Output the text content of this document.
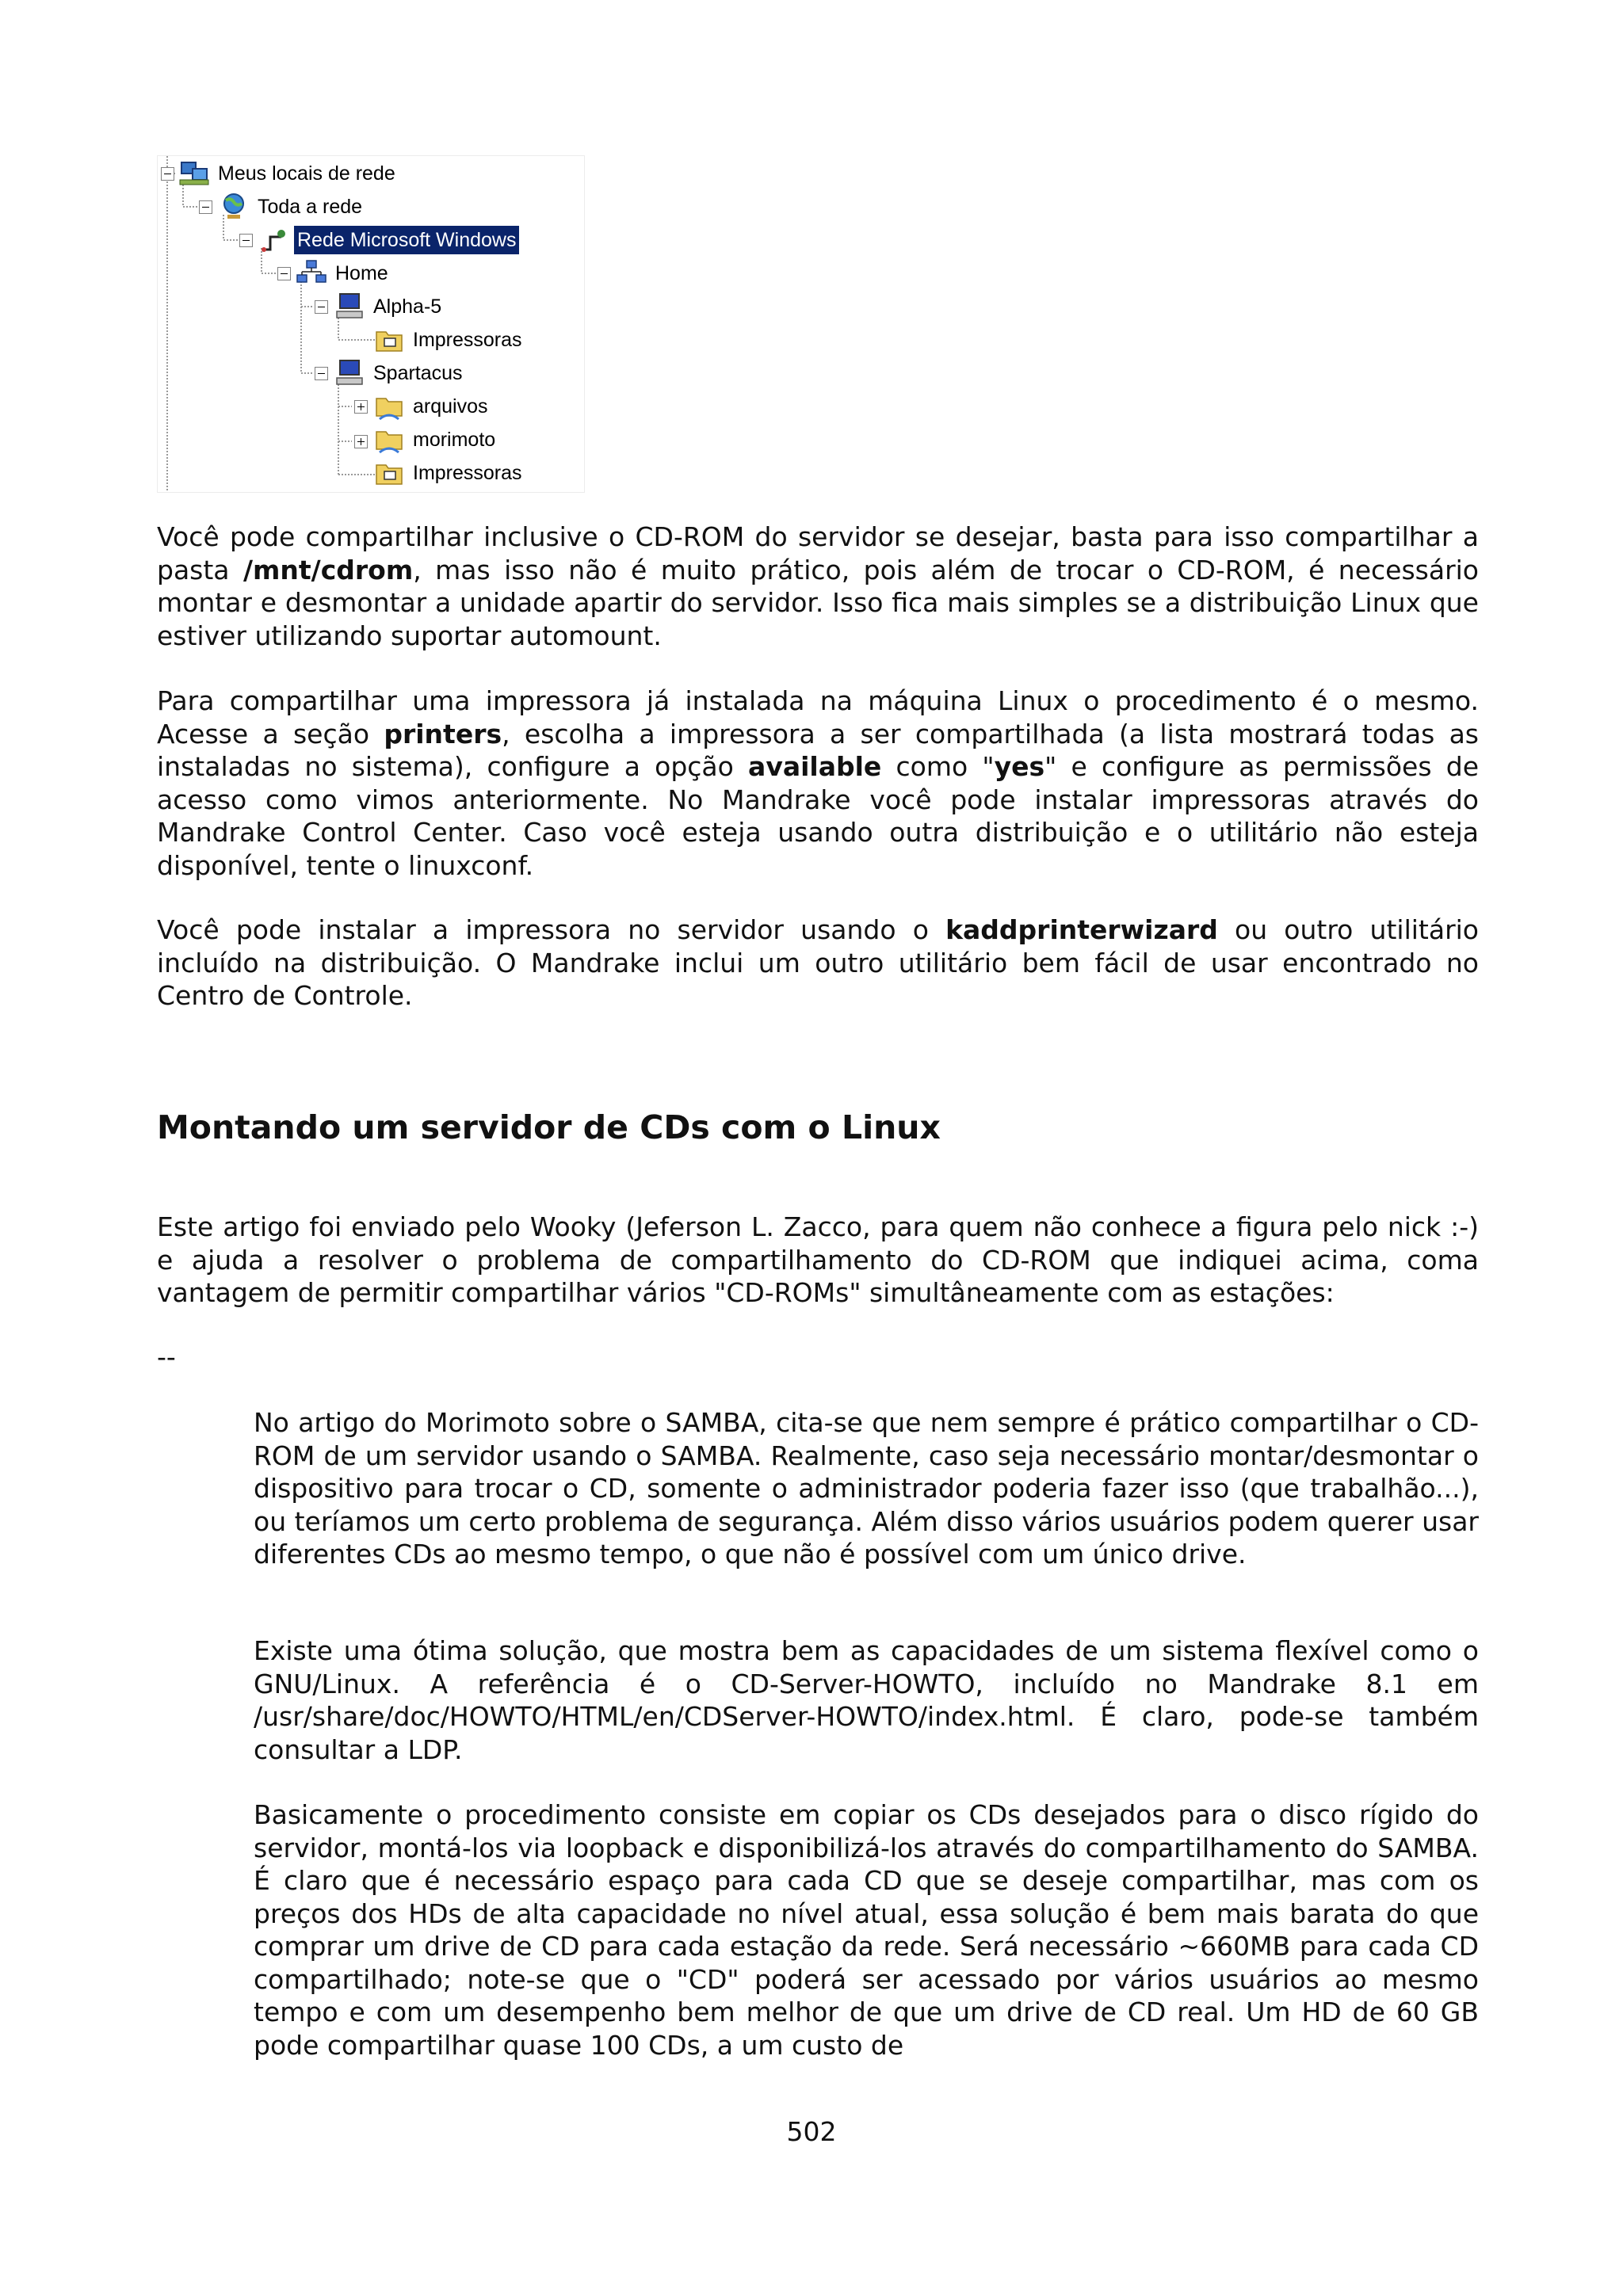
Meus locais de rede
Toda a rede
Rede Microsoft Windows
Home
Alpha-5
Impressoras
Spartacus
arquivos
morimoto
Impressoras

Você pode compartilhar inclusive o CD-ROM do servidor se desejar, basta para isso compartilhar a pasta /mnt/cdrom, mas isso não é muito prático, pois além de trocar o CD-ROM, é necessário montar e desmontar a unidade apartir do servidor. Isso fica mais simples se a distribuição Linux que estiver utilizando suportar automount.

Para compartilhar uma impressora já instalada na máquina Linux o procedimento é o mesmo. Acesse a seção printers, escolha a impressora a ser compartilhada (a lista mostrará todas as instaladas no sistema), configure a opção available como "yes" e configure as permissões de acesso como vimos anteriormente. No Mandrake você pode instalar impressoras através do Mandrake Control Center. Caso você esteja usando outra distribuição e o utilitário não esteja disponível, tente o linuxconf.

Você pode instalar a impressora no servidor usando o kaddprinterwizard ou outro utilitário incluído na distribuição. O Mandrake inclui um outro utilitário bem fácil de usar encontrado no Centro de Controle.

Montando um servidor de CDs com o Linux
Este artigo foi enviado pelo Wooky (Jeferson L. Zacco, para quem não conhece a figura pelo nick :-) e ajuda a resolver o problema de compartilhamento do CD-ROM que indiquei acima, coma vantagem de permitir compartilhar vários "CD-ROMs" simultâneamente com as estações:
--
No artigo do Morimoto sobre o SAMBA, cita-se que nem sempre é prático compartilhar o CD-ROM de um servidor usando o SAMBA. Realmente, caso seja necessário montar/desmontar o dispositivo para trocar o CD, somente o administrador poderia fazer isso (que trabalhão...), ou teríamos um certo problema de segurança. Além disso vários usuários podem querer usar diferentes CDs ao mesmo tempo, o que não é possível com um único drive.
Existe uma ótima solução, que mostra bem as capacidades de um sistema flexível como o GNU/Linux. A referência é o CD-Server-HOWTO, incluído no Mandrake 8.1 em /usr/share/doc/HOWTO/HTML/en/CDServer-HOWTO/index.html. É claro, pode-se também consultar a LDP.
Basicamente o procedimento consiste em copiar os CDs desejados para o disco rígido do servidor, montá-los via loopback e disponibilizá-los através do compartilhamento do SAMBA. É claro que é necessário espaço para cada CD que se deseje compartilhar, mas com os preços dos HDs de alta capacidade no nível atual, essa solução é bem mais barata do que comprar um drive de CD para cada estação da rede. Será necessário ~660MB para cada CD compartilhado; note-se que o "CD" poderá ser acessado por vários usuários ao mesmo tempo e com um desempenho bem melhor de que um drive de CD real. Um HD de 60 GB pode compartilhar quase 100 CDs, a um custo de
502
